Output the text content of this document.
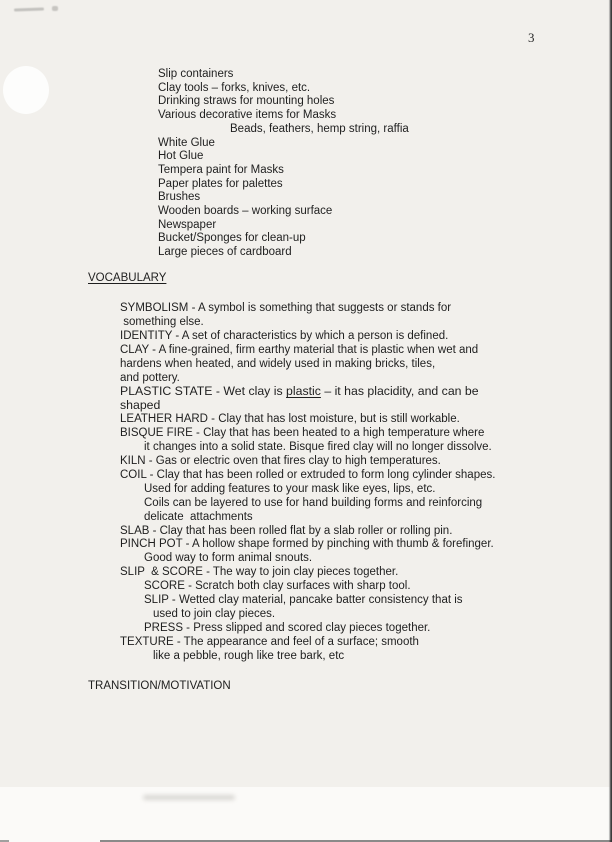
3
Slip containers
Clay tools – forks, knives, etc.
Drinking straws for mounting holes
Various decorative items for Masks
Beads, feathers, hemp string, raffia
White Glue
Hot Glue
Tempera paint for Masks
Paper plates for palettes
Brushes
Wooden boards – working surface
Newspaper
Bucket/Sponges for clean-up
Large pieces of cardboard
VOCABULARY
SYMBOLISM - A symbol is something that suggests or stands for
something else.
IDENTITY - A set of characteristics by which a person is defined.
CLAY - A fine-grained, firm earthy material that is plastic when wet and
hardens when heated, and widely used in making bricks, tiles,
and pottery.
PLASTIC STATE - Wet clay is plastic – it has placidity, and can be
shaped
LEATHER HARD - Clay that has lost moisture, but is still workable.
BISQUE FIRE - Clay that has been heated to a high temperature where
it changes into a solid state. Bisque fired clay will no longer dissolve.
KILN - Gas or electric oven that fires clay to high temperatures.
COIL - Clay that has been rolled or extruded to form long cylinder shapes.
Used for adding features to your mask like eyes, lips, etc.
Coils can be layered to use for hand building forms and reinforcing
delicate  attachments
SLAB - Clay that has been rolled flat by a slab roller or rolling pin.
PINCH POT - A hollow shape formed by pinching with thumb & forefinger.
Good way to form animal snouts.
SLIP  & SCORE - The way to join clay pieces together.
SCORE - Scratch both clay surfaces with sharp tool.
SLIP - Wetted clay material, pancake batter consistency that is
used to join clay pieces.
PRESS - Press slipped and scored clay pieces together.
TEXTURE - The appearance and feel of a surface; smooth
like a pebble, rough like tree bark, etc
TRANSITION/MOTIVATION
